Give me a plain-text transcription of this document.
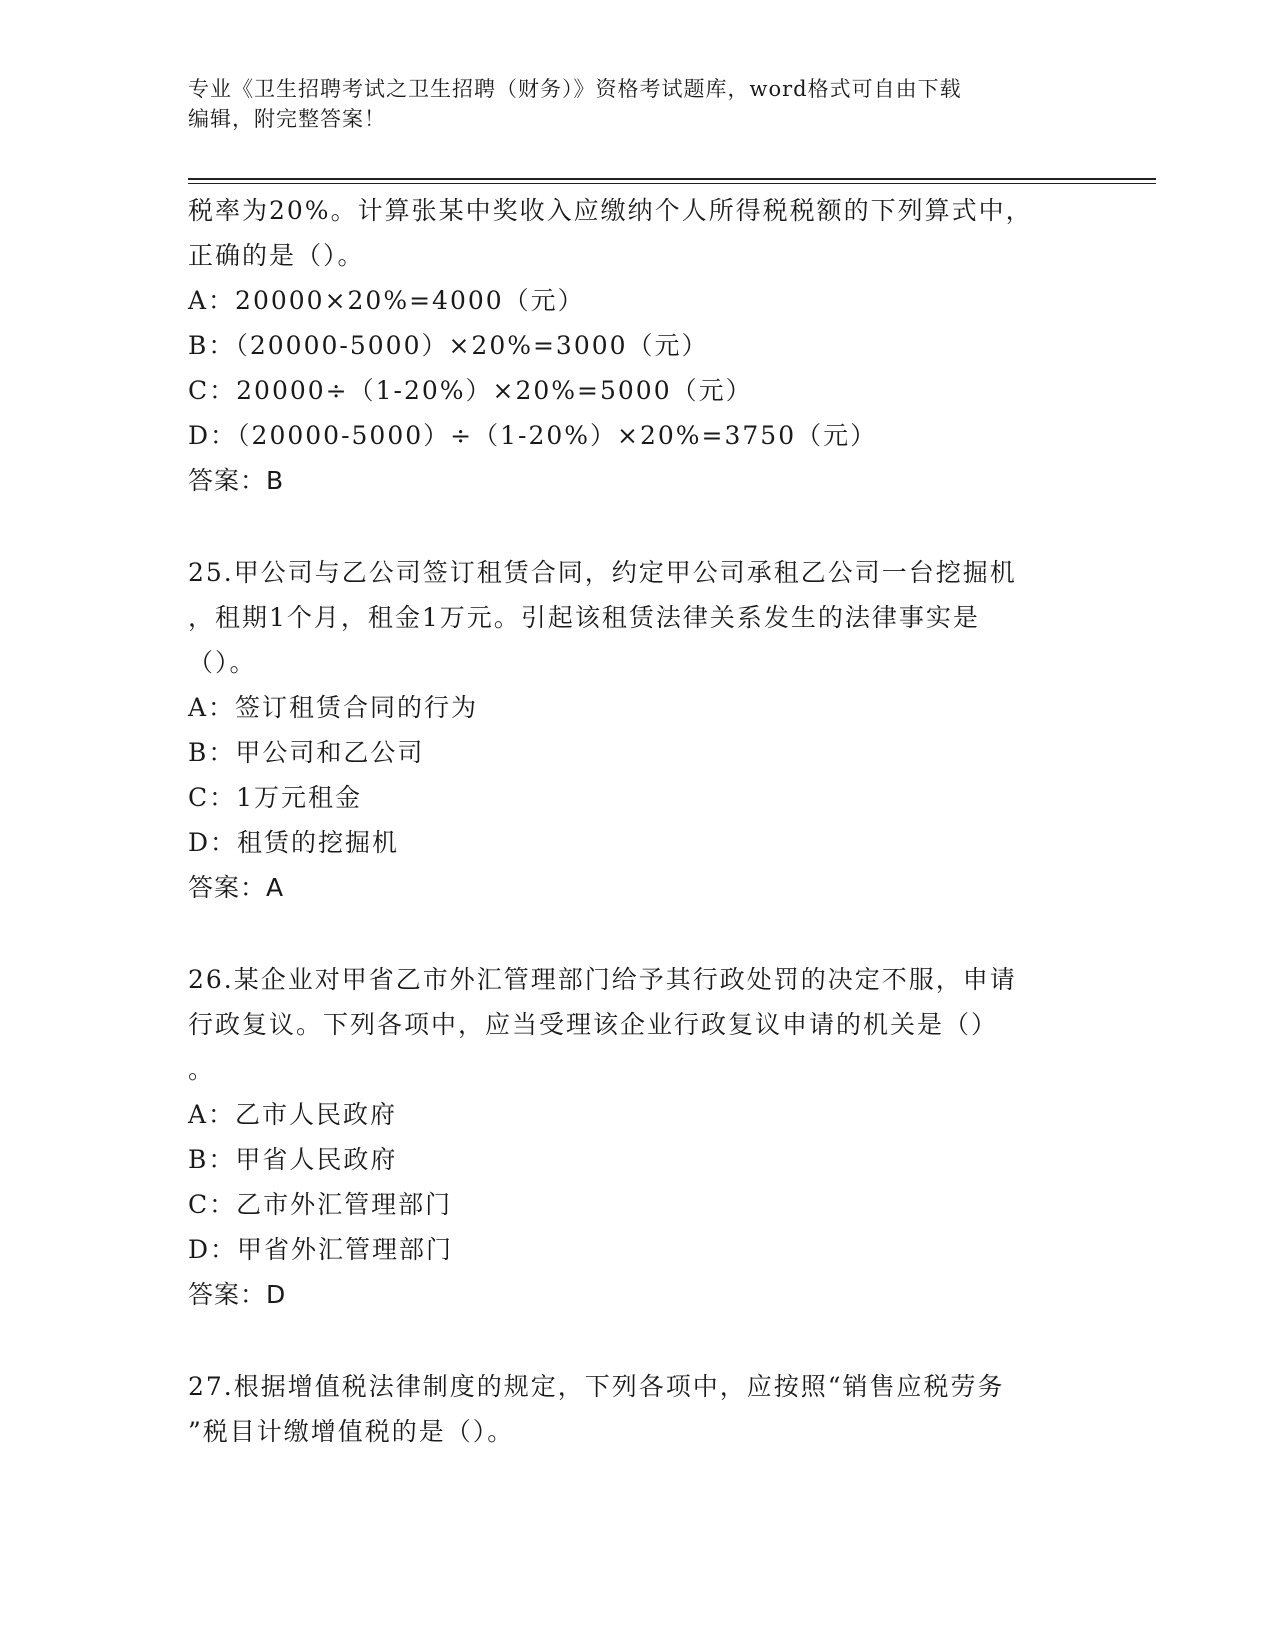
专业《卫生招聘考试之卫生招聘（财务）》资格考试题库，word格式可自由下载
编辑，附完整答案！
税率为20%。计算张某中奖收入应缴纳个人所得税税额的下列算式中，
正确的是（）。
A：20000×20%=4000（元）
B：（20000-5000）×20%=3000（元）
C：20000÷（1-20%）×20%=5000（元）
D：（20000-5000）÷（1-20%）×20%=3750（元）
答案：B
25.甲公司与乙公司签订租赁合同，约定甲公司承租乙公司一台挖掘机
，租期1个月，租金1万元。引起该租赁法律关系发生的法律事实是
（）。
A：签订租赁合同的行为
B：甲公司和乙公司
C：1万元租金
D：租赁的挖掘机
答案：A
26.某企业对甲省乙市外汇管理部门给予其行政处罚的决定不服，申请
行政复议。下列各项中，应当受理该企业行政复议申请的机关是（）
。
A：乙市人民政府
B：甲省人民政府
C：乙市外汇管理部门
D：甲省外汇管理部门
答案：D
27.根据增值税法律制度的规定，下列各项中，应按照“销售应税劳务
”税目计缴增值税的是（）。
